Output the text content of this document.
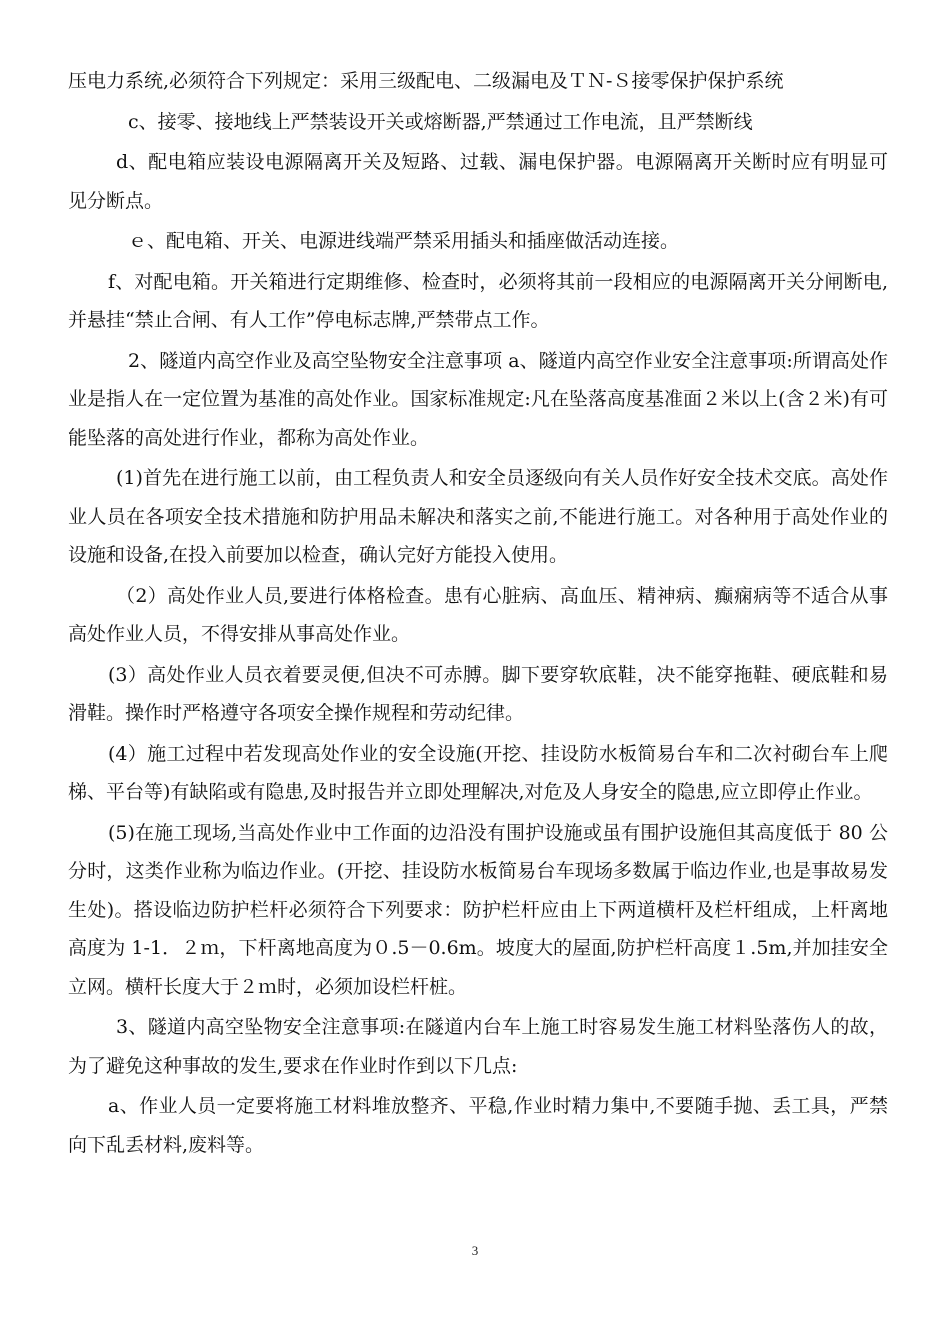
压电力系统,必须符合下列规定：采用三级配电、二级漏电及ＴＮ-Ｓ接零保护保护系统

c、接零、接地线上严禁装设开关或熔断器,严禁通过工作电流，且严禁断线

d、配电箱应装设电源隔离开关及短路、过载、漏电保护器。电源隔离开关断时应有明显可见分断点。

ｅ、配电箱、开关、电源进线端严禁采用插头和插座做活动连接。

f、对配电箱。开关箱进行定期维修、检查时，必须将其前一段相应的电源隔离开关分闸断电,并悬挂“禁止合闸、有人工作”停电标志牌,严禁带点工作。

2、隧道内高空作业及高空坠物安全注意事项 a、隧道内高空作业安全注意事项:所谓高处作业是指人在一定位置为基准的高处作业。国家标准规定:凡在坠落高度基准面２米以上(含２米)有可能坠落的高处进行作业，都称为高处作业。

(1)首先在进行施工以前，由工程负责人和安全员逐级向有关人员作好安全技术交底。高处作业人员在各项安全技术措施和防护用品未解决和落实之前,不能进行施工。对各种用于高处作业的设施和设备,在投入前要加以检查，确认完好方能投入使用。

（2）高处作业人员,要进行体格检查。患有心脏病、高血压、精神病、癫痫病等不适合从事高处作业人员，不得安排从事高处作业。

(3）高处作业人员衣着要灵便,但决不可赤膊。脚下要穿软底鞋，决不能穿拖鞋、硬底鞋和易滑鞋。操作时严格遵守各项安全操作规程和劳动纪律。

(4）施工过程中若发现高处作业的安全设施(开挖、挂设防水板简易台车和二次衬砌台车上爬梯、平台等)有缺陷或有隐患,及时报告并立即处理解决,对危及人身安全的隐患,应立即停止作业。

(5)在施工现场,当高处作业中工作面的边沿没有围护设施或虽有围护设施但其高度低于 80 公分时，这类作业称为临边作业。(开挖、挂设防水板简易台车现场多数属于临边作业,也是事故易发生处)。搭设临边防护栏杆必须符合下列要求：防护栏杆应由上下两道横杆及栏杆组成，上杆离地高度为 1-1．２ｍ，下杆离地高度为０.5－0.6m。坡度大的屋面,防护栏杆高度１.5m,并加挂安全立网。横杆长度大于２ｍ时，必须加设栏杆桩。

3、隧道内高空坠物安全注意事项:在隧道内台车上施工时容易发生施工材料坠落伤人的故，为了避免这种事故的发生,要求在作业时作到以下几点:

a、作业人员一定要将施工材料堆放整齐、平稳,作业时精力集中,不要随手抛、丢工具，严禁向下乱丢材料,废料等。

3
